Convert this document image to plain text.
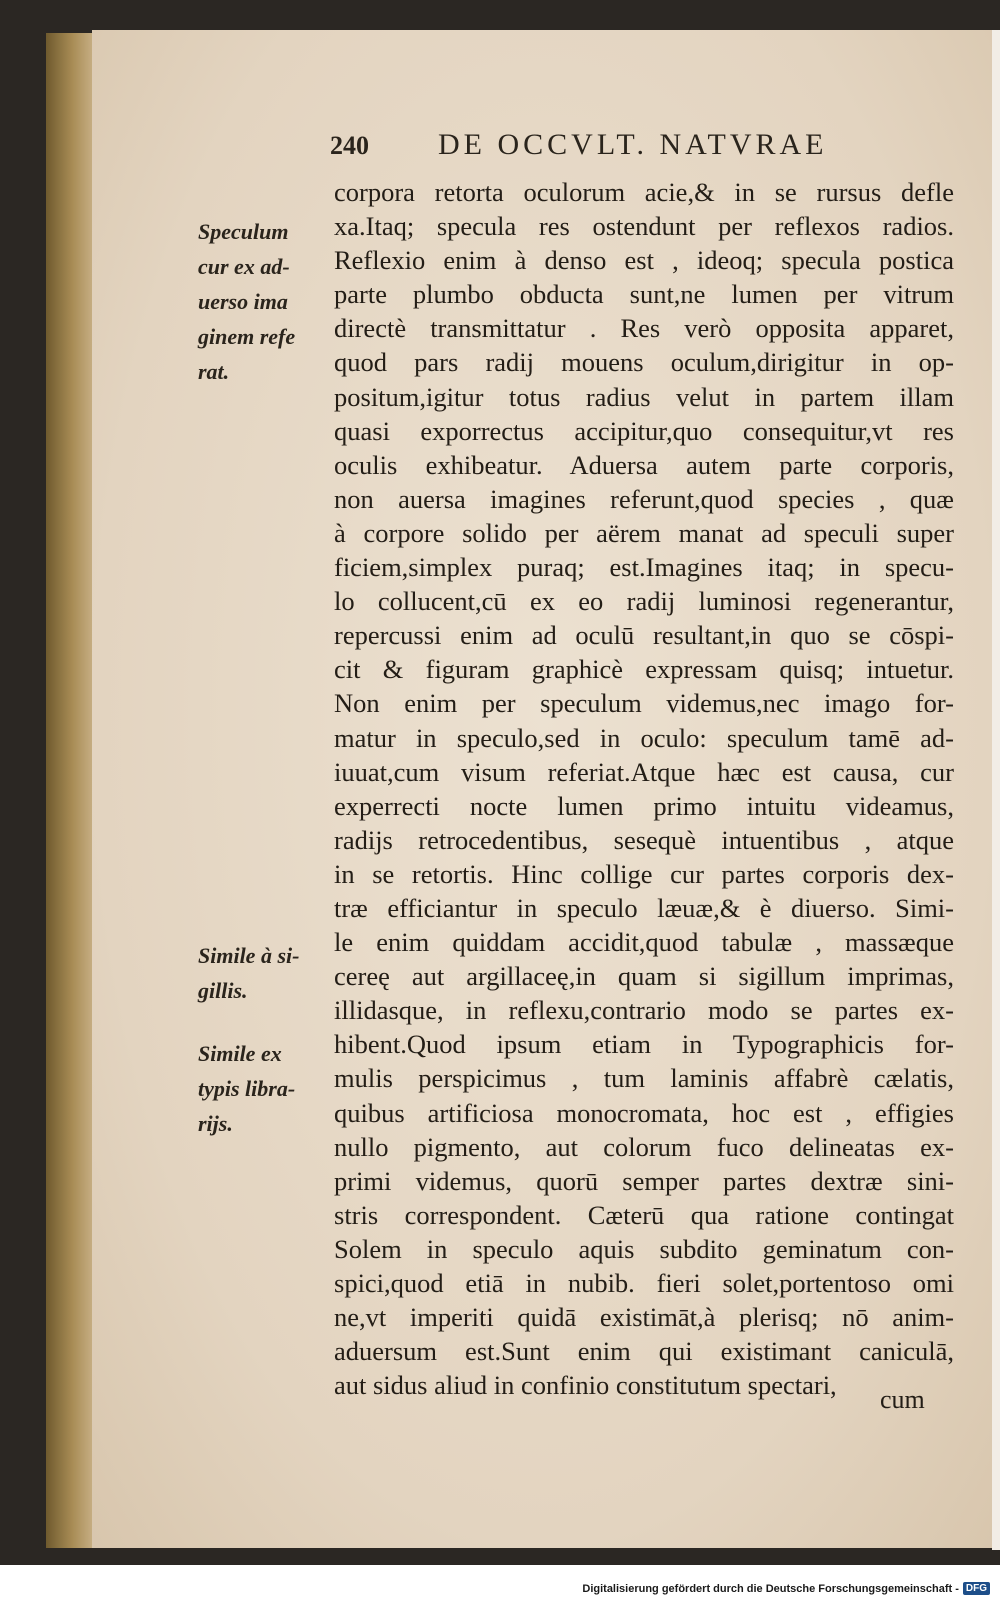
240	DE OCCVLT. NATVRAE
Speculum
cur ex ad-
uerso ima
ginem refe
rat.
Simile à si-
gillis.
Simile ex
typis libra-
rijs.
corpora retorta oculorum acie,& in se rursus defle
xa.Itaq; specula res ostendunt per reflexos radios.
Reflexio enim à denso est , ideoq; specula postica
parte plumbo obducta sunt,ne lumen per vitrum
directè transmittatur . Res verò opposita apparet,
quod pars radij mouens oculum,dirigitur in op-
positum,igitur totus radius velut in partem illam
quasi exporrectus accipitur,quo consequitur,vt res
oculis exhibeatur. Aduersa autem parte corporis,
non auersa imagines referunt,quod species , quæ
à corpore solido per aërem manat ad speculi super
ficiem,simplex puraq; est.Imagines itaq; in specu-
lo collucent,cū ex eo radij luminosi regenerantur,
repercussi enim ad oculū resultant,in quo se cōspi-
cit & figuram graphicè expressam quisq; intuetur.
Non enim per speculum videmus,nec imago for-
matur in speculo,sed in oculo: speculum tamē ad-
iuuat,cum visum referiat.Atque hæc est causa, cur
experrecti nocte lumen primo intuitu videamus,
radijs retrocedentibus, sesequè intuentibus , atque
in se retortis. Hinc collige cur partes corporis dex-
træ efficiantur in speculo læuæ,& è diuerso. Simi-
le enim quiddam accidit,quod tabulæ , massæque
cereę aut argillaceę,in quam si sigillum imprimas,
illidasque, in reflexu,contrario modo se partes ex-
hibent.Quod ipsum etiam in Typographicis for-
mulis perspicimus , tum laminis affabrè cælatis,
quibus artificiosa monocromata, hoc est , effigies
nullo pigmento, aut colorum fuco delineatas ex-
primi videmus, quorū semper partes dextræ sini-
stris correspondent. Cæterū qua ratione contingat
Solem in speculo aquis subdito geminatum con-
spici,quod etiā in nubib. fieri solet,portentoso omi
ne,vt imperiti quidā existimāt,à plerisq; nō anim-
aduersum est.Sunt enim qui existimant caniculā,
aut sidus aliud in confinio constitutum spectari,	cum
Digitalisierung gefördert durch die Deutsche Forschungsgemeinschaft - DFG
